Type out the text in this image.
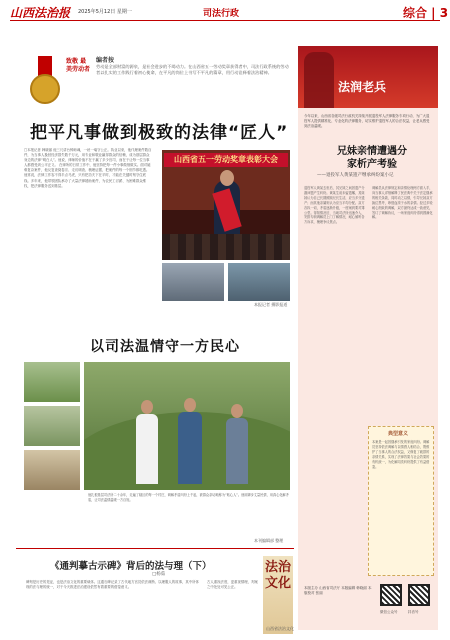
山西法治报 2025年5月12日 星期一	司法行政	综合 | 3
致敬 最美劳动者
编者按
劳动是全部财富的源泉，是社会进步的不竭动力。在山西省五一劳动奖章获得者中，司法行政系统的劳动者以扎实的工作践行着初心使命，在平凡的岗位上书写不平凡的篇章，用行动诠释着法治精神。
把平凡事做到极致的法律“匠人”
□本报记者 韩晓丽 他三尺讲台铸师魂，一丝一毫守公正。执业以来，他代理案件数百件，为当事人挽回经济损失数千万元，用专业和敬业赢得群众的信赖，成为基层群众身边的法律“明白人”。他说，律师的价值不在于赢了多少官司，而在于让每一位当事人都感受到公平正义。 在律所的日常工作中，他坚持把每一件小事做细做实。面对疑难复杂案件，他反复查阅卷宗、走访调查、梳理证据，把案件的每一个细节都吃透。他常说，法律工作容不得半点马虎，只有把功夫下在平时，才能在关键时刻守住底线。多年来，他带领团队承办了大量法律援助案件，为农民工讨薪、为困难群众维权，把法律服务送到基层。
山西省五一劳动奖章表彰大会
本报记者 摄影报道
以司法温情守一方民心
他扎根基层司法所二十余年，走遍了辖区的每一个村庄，调解矛盾纠纷上千起，被群众亲切地称为“贴心人”。他用脚步丈量民情，用真心化解矛盾，让司法温情温暖一方百姓。
本刊编辑部 整理
《通判摹古示碑》背后的法与理（下）
□杨茹
碑刻是历史的见证，也是法治文化的重要载体。这通石碑记录了古代地方官员依法裁断、以理服人的故事，其中所体现的法与理的统一，对于今天推进法治建设依然有着重要的借鉴意义。
古人重视法度，更重视情理，判案之中处处可见公正。
法治文化
山西省法治文化
法润老兵
今年以来，山西省各级司法行政机关持续开展退役军人法律服务专项行动，为广大退役军人提供精准化、专业化的法律服务，切实维护退役军人的合法权益，让老兵感受到法治温暖。
兄妹亲情遭遇分家析产考验
——退役军人黄某遗产继承纠纷案小记
退役军人黄某去世后，其兄妹之间因遗产分割问题产生纠纷。黄某生前未留遗嘱，其妹妹认为自己长期照顾兄长生活，应当多分遗产；而其他亲属则认为应当平均分配。双方各执一词，矛盾逐渐升级，一度闹到要对簿公堂。得知情况后，当地司法所迅速介入，安排专职调解员上门了解情况，耐心倾听各方诉求，梳理争议焦点。
调解员从法律规定和亲情伦理两方面入手，向当事人详细解释了民法典中关于法定继承的相关条款，同时动之以情，引导兄妹双方换位思考，珍惜血浓于水的亲情。经过多轮耐心细致的调解，双方最终达成一致意见，签订了调解协议，一场家庭纠纷得到圆满化解。
典型意义
本案是一起因继承引发的家庭纠纷。调解员坚持依法调解与以情感人相结合，既维护了当事人的合法权益，又修复了破损的亲情关系，实现了法律效果与社会效果的有机统一，为化解同类纠纷提供了有益借鉴。
本版主办 山西省司法厅 本版编辑 韩晓丽 本版校对 张丽
微信公众号	抖音号
